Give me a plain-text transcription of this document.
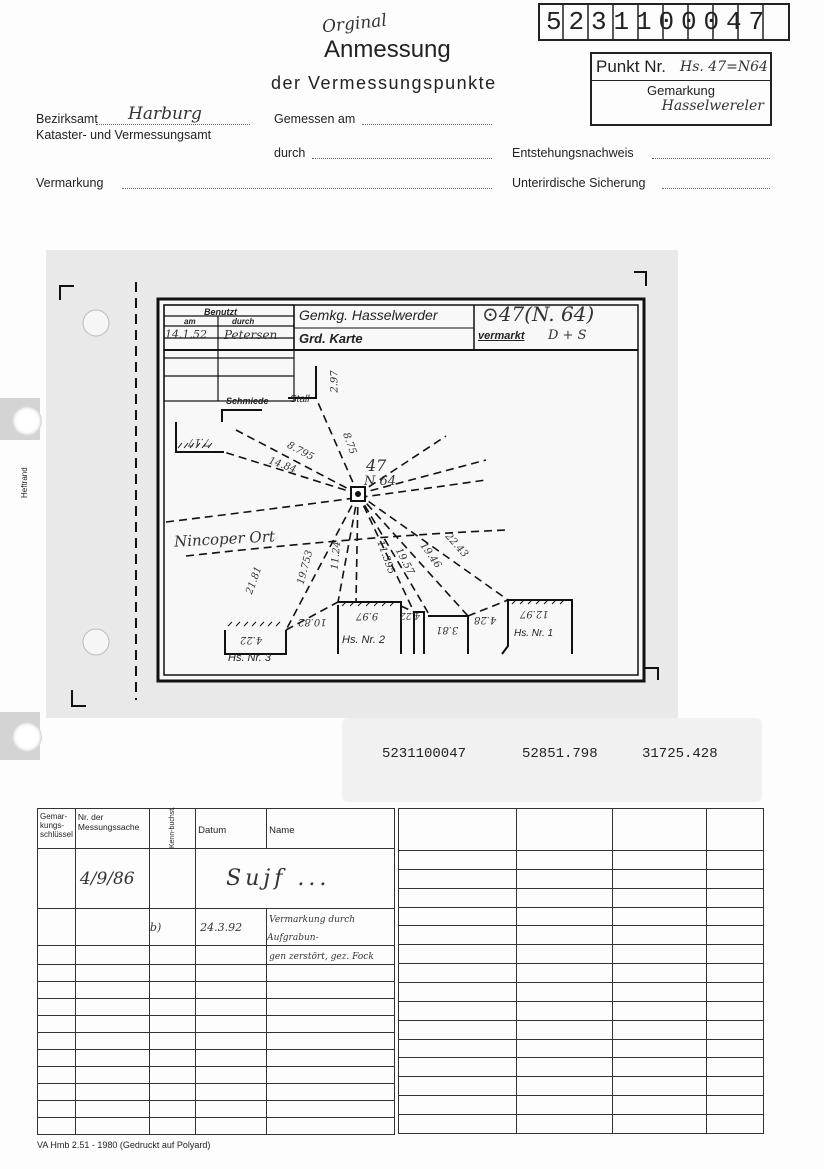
Orginal
Anmessung
der Vermessungspunkte
5231100047
Punkt Nr. Hs. 47=N64
Gemarkung
Hasselwereler
Bezirksamt Harburg
Kataster- und Vermessungsamt
Gemessen am
durch	Entstehungsnachweis
Vermarkung	Unterirdische Sicherung
Heftrand
Benutzt
am	durch
14.1.52 Petersen
Gemkg. Hasselwerder
Grd. Karte
⊙47(N. 64)
vermarkt D + S
Schmiede Stall
47
N 64
Nincoper Ort
Hs. Nr. 1
Hs. Nr. 2
Hs. Nr. 3
2.97
7.17	8.75
8.795
14.84
21.81	19.753 11.24	11.395
19.57 19.46 22.43
10.82
4.22
9.97 4.22
3.81
4.28
12.97
5231100047	52851.798	31725.428
Gemar-kungs-schlüssel	Nr. der Messungssache	Kenn-buchst.	Datum	Name
	4/9/86		Sujf ...	
		b)	24.3.92	Vermarkung durch Aufgrabun-
				gen zerstört, gez. Fock

VA Hmb 2.51 - 1980 (Gedruckt auf Polyard)
